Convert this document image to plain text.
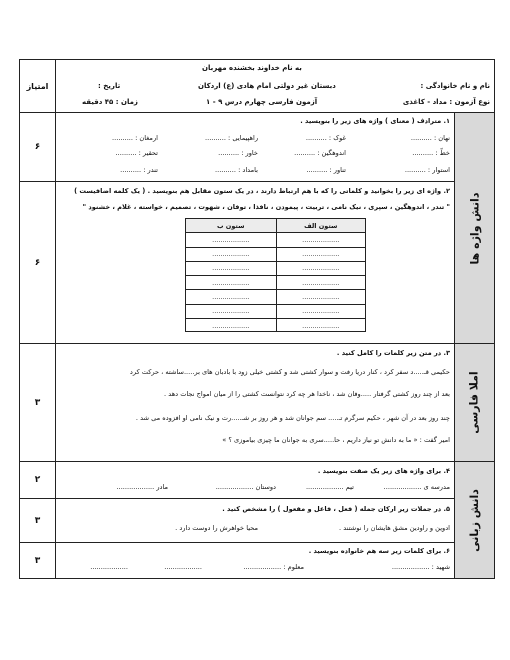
امتیاز
به نام خداوند بخشنده مهربان
نام و نام خانوادگی :
دبستان غیر دولتی امام هادی (ع) اردکان
تاریخ :
نوع آزمون : مداد - کاغذی
آزمون فارسی چهارم درس ۹ - ۱
زمان : ۴۵ دقیقه
۶
۱. مترادف ( معنای ) واژه های زیر را بنویسید .
نهان : ..........
غوک : ..........
راهپیمایی : ..........
ارمغان : ..........
خطّ : ..........
اندوهگین : ..........
خاور : ..........
تحقیر : ..........
استوار : ..........
تناور : ..........
بامداد : ..........
تندر : ..........
۶
۲. واژه ای زیر را بخوانید و کلماتی را که با هم ارتباط دارند ، در یک ستون مقابل هم بنویسید . ( یک کلمه اضافیست )
" تندر ، اندوهگین ، سپری ، نیک نامی ، تربیت ، پیمودن ، نافذا ، توفان ، شهوت ، تصمیم ، خواسته ، غلام ، خشنود "
۳
۳. در متن زیر کلمات را کامل کنید .
حکیمی قـ.....د سفر کرد ، کنار دریا رفت و سوار کشتی شد و کشتی خیلی زود با بادبان های بر.....ساشته ، حرکت کرد
بعد از چند روز کشتی گرفتار .....وفان شد ، ناخدا هر چه کرد نتوانست کشتی را از میان امواج نجات دهد .
چند روز بعد در آن شهر ، حکیم سرگرم تـ..... سم جوانان شد و هر روز بر شـ.....رت و نیک نامی او افزوده می شد .
امیر گفت : « ما به دانش تو نیاز داریم ، حا.....سری به جوانان ما چیزی بیاموزی ؟ »
۲
۴. برای واژه های زیر یک صفت بنویسید .
مدرسه ی ..................
تیم ..................
دوستان ..................
مادر ..................
۳
۵. در جملات زیر ارکان جمله ( فعل ، فاعل و مفعول ) را مشخص کنید .
ادوین و راودین مشق هایشان را نوشتند .
محیا خواهرش را دوست دارد .
۳
۶. برای کلمات زیر سه هم خانواده بنویسید .
شهید : ..................
معلوم : ..................
..................
..................
دانش واژه ها
املا فارسی
دانش زبانی
ستون الف
..................
..................
..................
..................
..................
..................
..................
ستون ب
..................
..................
..................
..................
..................
..................
..................
